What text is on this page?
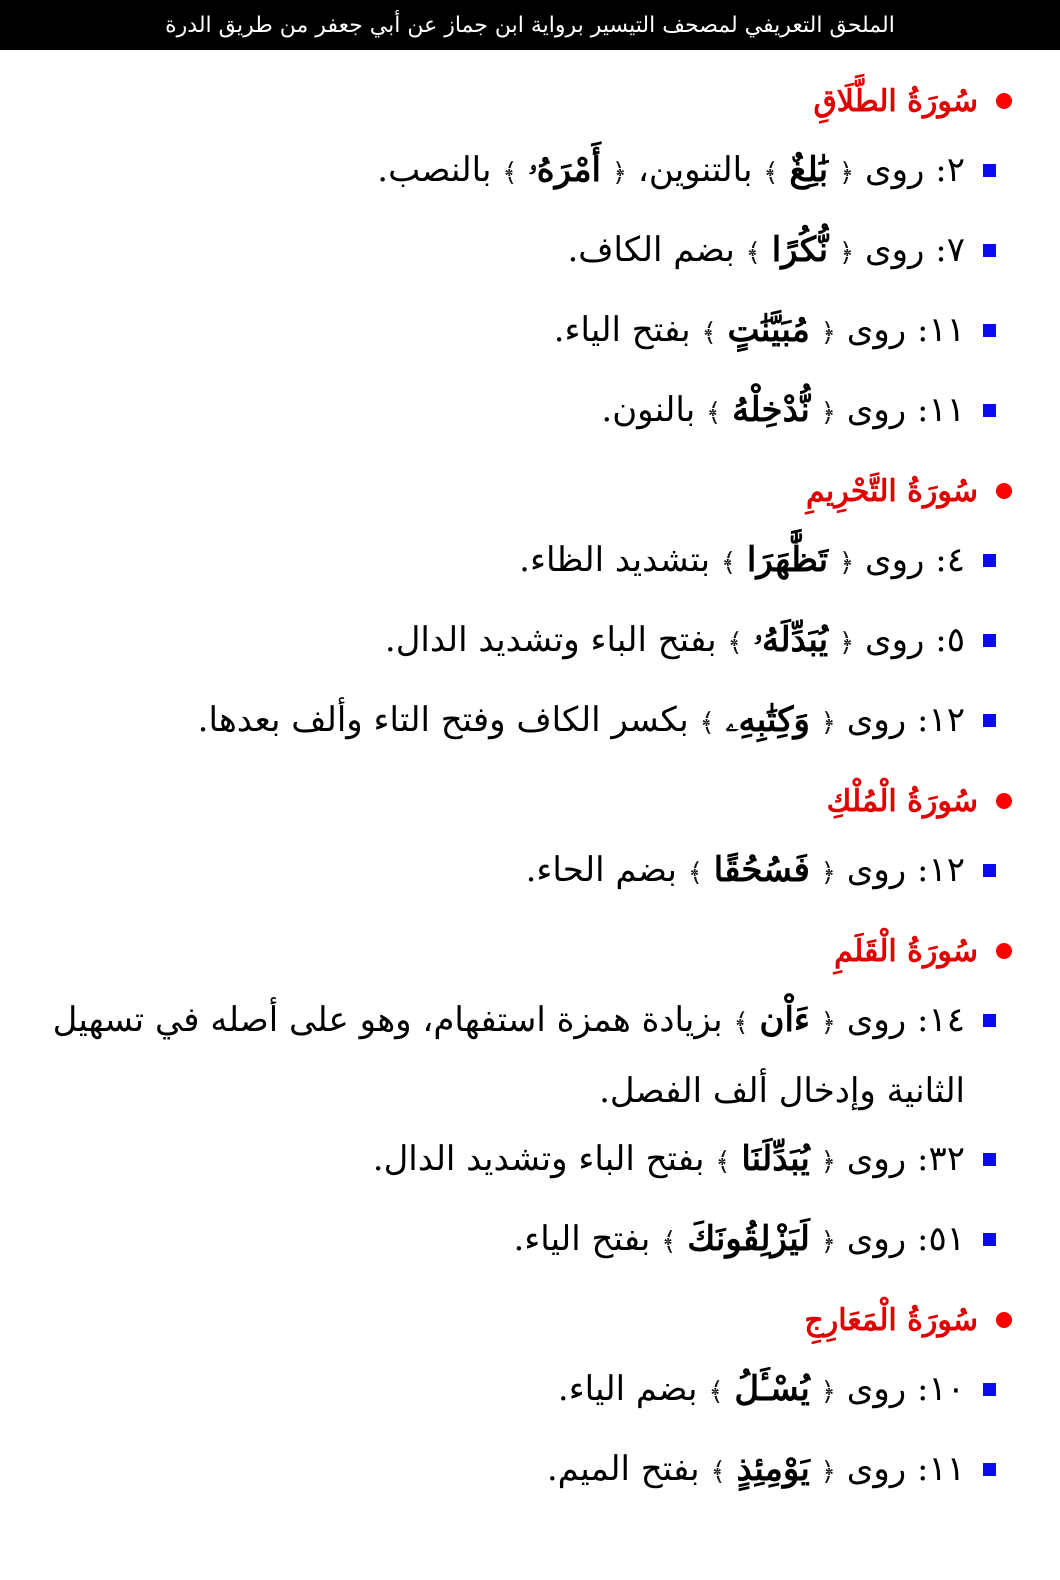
الملحق التعريفي لمصحف التيسير برواية ابن جماز عن أبي جعفر من طريق الدرة
سُورَةُ الطَّلَاقِ
٢: روى ﴿ بَٰلِغٌ ﴾ بالتنوين، ﴿ أَمْرَهُۥ ﴾ بالنصب.
٧: روى ﴿ نُّكُرًا ﴾ بضم الكاف.
١١: روى ﴿ مُبَيَّنَٰتٍ ﴾ بفتح الياء.
١١: روى ﴿ نُّدْخِلْهُ ﴾ بالنون.
سُورَةُ التَّحْرِيمِ
٤: روى ﴿ تَظَّٰهَرَا ﴾ بتشديد الظاء.
٥: روى ﴿ يُبَدِّلَهُۥ ﴾ بفتح الباء وتشديد الدال.
١٢: روى ﴿ وَكِتَٰبِهِۦ ﴾ بكسر الكاف وفتح التاء وألف بعدها.
سُورَةُ الْمُلْكِ
١٢: روى ﴿ فَسُحُقًا ﴾ بضم الحاء.
سُورَةُ الْقَلَمِ
١٤: روى ﴿ ءَاْن ﴾ بزيادة همزة استفهام، وهو على أصله في تسهيل الثانية وإدخال ألف الفصل.
٣٢: روى ﴿ يُبَدِّلَنَا ﴾ بفتح الباء وتشديد الدال.
٥١: روى ﴿ لَيَزْلِقُونَكَ ﴾ بفتح الياء.
سُورَةُ الْمَعَارِجِ
١٠: روى ﴿ يُسْـَٔلُ ﴾ بضم الياء.
١١: روى ﴿ يَوْمِئِذٍ ﴾ بفتح الميم.
